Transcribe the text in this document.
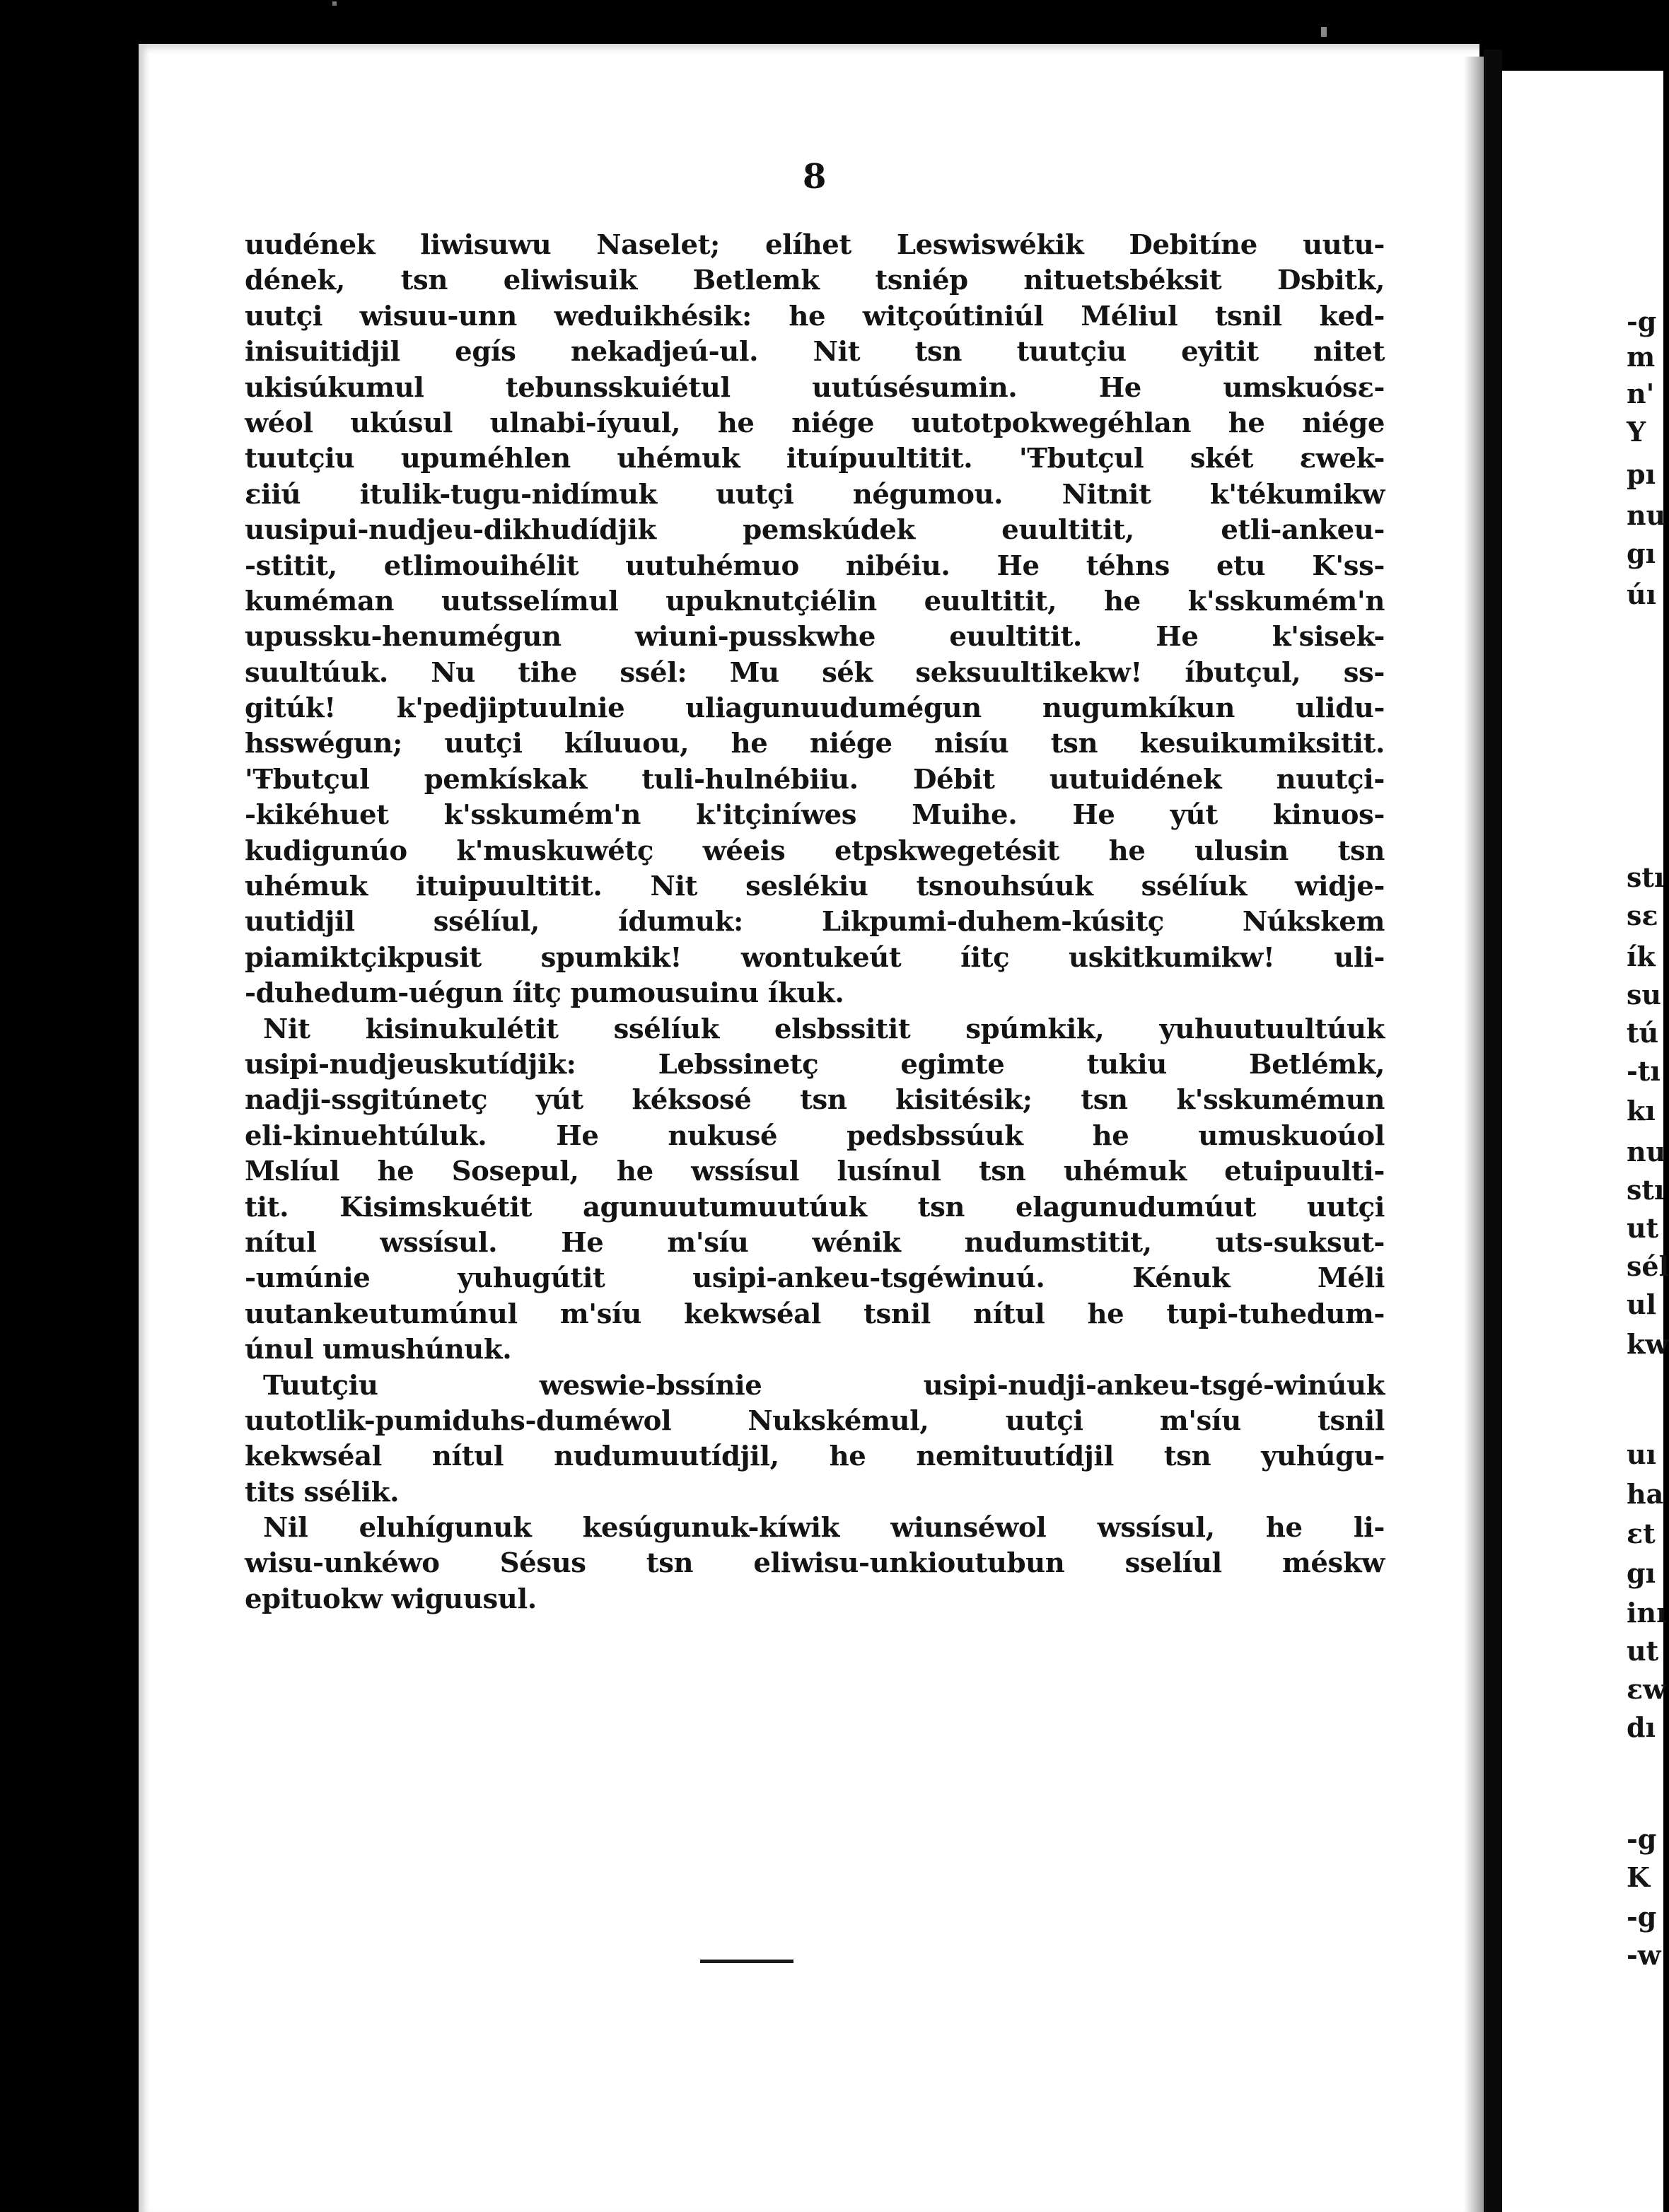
8
uudének liwisuwu Naselet; elíhet Leswiswékik Debitíne uutu-
dének, tsn eliwisuik Betlemk tsniép nituetsbéksit Dsbitk,
uutçi wisuu-unn weduikhésik: he witçoútiniúl Méliul tsnil ked-
inisuitidjil egís nekadjeú-ul. Nit tsn tuutçiu eyitit nitet
ukisúkumul tebunsskuiétul uutúsésumin. He umskuósε-
wéol ukúsul ulnabi-íyuul, he niége uutotpokwegéhlan he niége
tuutçiu upuméhlen uhémuk ituípuultitit. 'Ŧbutçul skét εwek-
εiiú itulik-tugu-nidímuk uutçi négumou. Nitnit k'tékumikw
uusipui-nudjeu-dikhudídjik pemskúdek euultitit, etli-ankeu-
-stitit, etlimouihélit uutuhémuo nibéiu. He téhns etu K'ss-
kuméman uutsselímul upuknutçiélin euultitit, he k'sskumém'n
upussku-henumégun wiuni-pusskwhe euultitit. He k'sisek-
suultúuk. Nu tihe ssél: Mu sék seksuultikekw! íbutçul, ss-
gitúk! k'pedjiptuulnie uliagunuudumégun nugumkíkun ulidu-
hsswégun; uutçi kíluuou, he niége nisíu tsn kesuikumiksitit.
'Ŧbutçul pemkískak tuli-hulnébiiu. Débit uutuidének nuutçi-
-kikéhuet k'sskumém'n k'itçiníwes Muihe. He yút kinuos-
kudigunúo k'muskuwétç wéeis etpskwegetésit he ulusin tsn
uhémuk ituipuultitit. Nit seslékiu tsnouhsúuk ssélíuk widje-
uutidjil ssélíul, ídumuk: Likpumi-duhem-kúsitç Núkskem
piamiktçikpusit spumkik! wontukeút íitç uskitkumikw! uli-
-duhedum-uégun íitç pumousuinu íkuk.
Nit kisinukulétit ssélíuk elsbssitit spúmkik, yuhuutuultúuk
usipi-nudjeuskutídjik: Lebssinetç egimte tukiu Betlémk,
nadji-ssgitúnetç yút kéksosé tsn kisitésik; tsn k'sskumémun
eli-kinuehtúluk. He nukusé pedsbssúuk he umuskuoúol
Mslíul he Sosepul, he wssísul lusínul tsn uhémuk etuipuulti-
tit. Kisimskuétit agunuutumuutúuk tsn elagunudumúut uutçi
nítul wssísul. He m'síu wénik nudumstitit, uts-suksut-
-umúnie yuhugútit usipi-ankeu-tsgéwinuú. Kénuk Méli
uutankeutumúnul m'síu kekwséal tsnil nítul he tupi-tuhedum-
únul umushúnuk.
Tuutçiu weswie-bssínie usipi-nudji-ankeu-tsgé-winúuk
uutotlik-pumiduhs-duméwol Nukskémul, uutçi m'síu tsnil
kekwséal nítul nudumuutídjil, he nemituutídjil tsn yuhúgu-
tits ssélik.
Nil eluhígunuk kesúgunuk-kíwik wiunséwol wssísul, he li-
wisu-unkéwo Sésus tsn eliwisu-unkioutubun sselíul méskw
epituokw wiguusul.
-g
m
n'
Y
pı
nu
gı
úı
stı
sε
ík
su
tú
-tı
kı
nu
stı
ut
sél
ul
kw
uı
ha
εt
gı
inı
ut
εw
dı
-g
K
-g
-w
